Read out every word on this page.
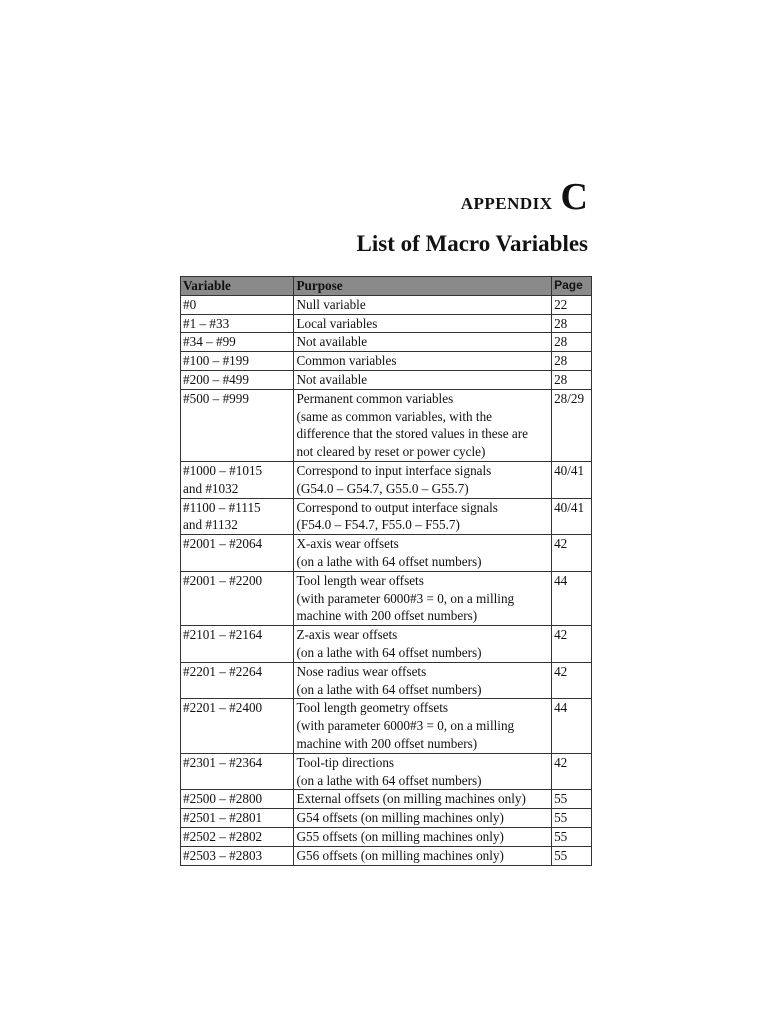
APPENDIX C
List of Macro Variables
Variable	Purpose	Page

#0	Null variable	22

#1 – #33	Local variables	28

#34 – #99	Not available	28

#100 – #199	Common variables	28

#200 – #499	Not available	28

#500 – #999	Permanent common variables
(same as common variables, with the
difference that the stored values in these are
not cleared by reset or power cycle)	28/29

#1000 – #1015
and #1032	Correspond to input interface signals
(G54.0 – G54.7, G55.0 – G55.7)	40/41

#1100 – #1115
and #1132	Correspond to output interface signals
(F54.0 – F54.7, F55.0 – F55.7)	40/41

#2001 – #2064	X-axis wear offsets
(on a lathe with 64 offset numbers)	42

#2001 – #2200	Tool length wear offsets
(with parameter 6000#3 = 0, on a milling
machine with 200 offset numbers)	44

#2101 – #2164	Z-axis wear offsets
(on a lathe with 64 offset numbers)	42

#2201 – #2264	Nose radius wear offsets
(on a lathe with 64 offset numbers)	42

#2201 – #2400	Tool length geometry offsets
(with parameter 6000#3 = 0, on a milling
machine with 200 offset numbers)	44

#2301 – #2364	Tool-tip directions
(on a lathe with 64 offset numbers)	42

#2500 – #2800	External offsets (on milling machines only)	55

#2501 – #2801	G54 offsets (on milling machines only)	55

#2502 – #2802	G55 offsets (on milling machines only)	55

#2503 – #2803	G56 offsets (on milling machines only)	55
